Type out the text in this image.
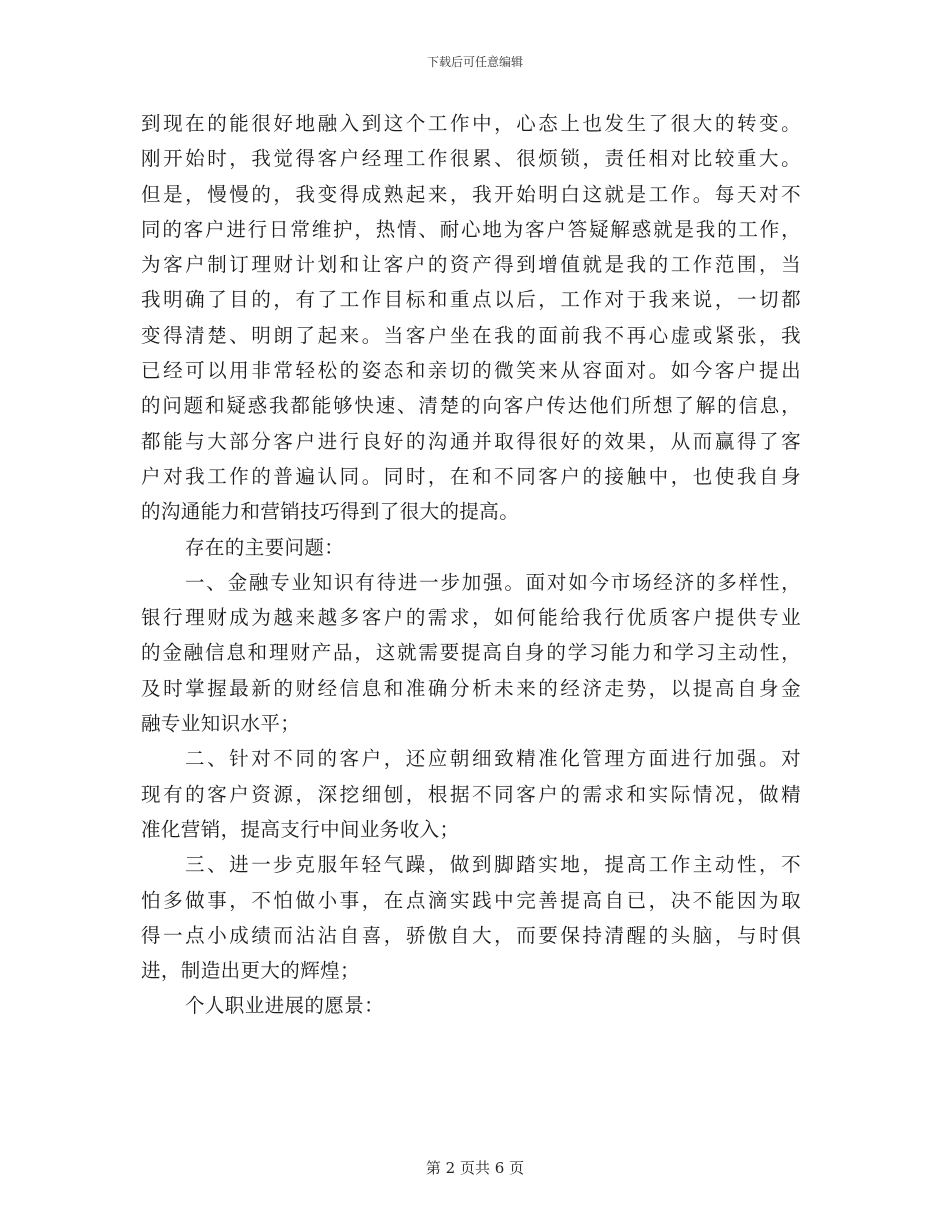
下载后可任意编辑
到现在的能很好地融入到这个工作中，心态上也发生了很大的转变。
刚开始时，我觉得客户经理工作很累、很烦锁，责任相对比较重大。
但是，慢慢的，我变得成熟起来，我开始明白这就是工作。每天对不
同的客户进行日常维护，热情、耐心地为客户答疑解惑就是我的工作，
为客户制订理财计划和让客户的资产得到增值就是我的工作范围，当
我明确了目的，有了工作目标和重点以后，工作对于我来说，一切都
变得清楚、明朗了起来。当客户坐在我的面前我不再心虚或紧张，我
已经可以用非常轻松的姿态和亲切的微笑来从容面对。如今客户提出
的问题和疑惑我都能够快速、清楚的向客户传达他们所想了解的信息，
都能与大部分客户进行良好的沟通并取得很好的效果，从而赢得了客
户对我工作的普遍认同。同时，在和不同客户的接触中，也使我自身
的沟通能力和营销技巧得到了很大的提高。
存在的主要问题：
一、金融专业知识有待进一步加强。面对如今市场经济的多样性，
银行理财成为越来越多客户的需求，如何能给我行优质客户提供专业
的金融信息和理财产品，这就需要提高自身的学习能力和学习主动性，
及时掌握最新的财经信息和准确分析未来的经济走势，以提高自身金
融专业知识水平；
二、针对不同的客户，还应朝细致精准化管理方面进行加强。对
现有的客户资源，深挖细刨，根据不同客户的需求和实际情况，做精
准化营销，提高支行中间业务收入；
三、进一步克服年轻气躁，做到脚踏实地，提高工作主动性，不
怕多做事，不怕做小事，在点滴实践中完善提高自已，决不能因为取
得一点小成绩而沾沾自喜，骄傲自大，而要保持清醒的头脑，与时俱
进，制造出更大的辉煌；
个人职业进展的愿景：
第 2 页共 6 页
